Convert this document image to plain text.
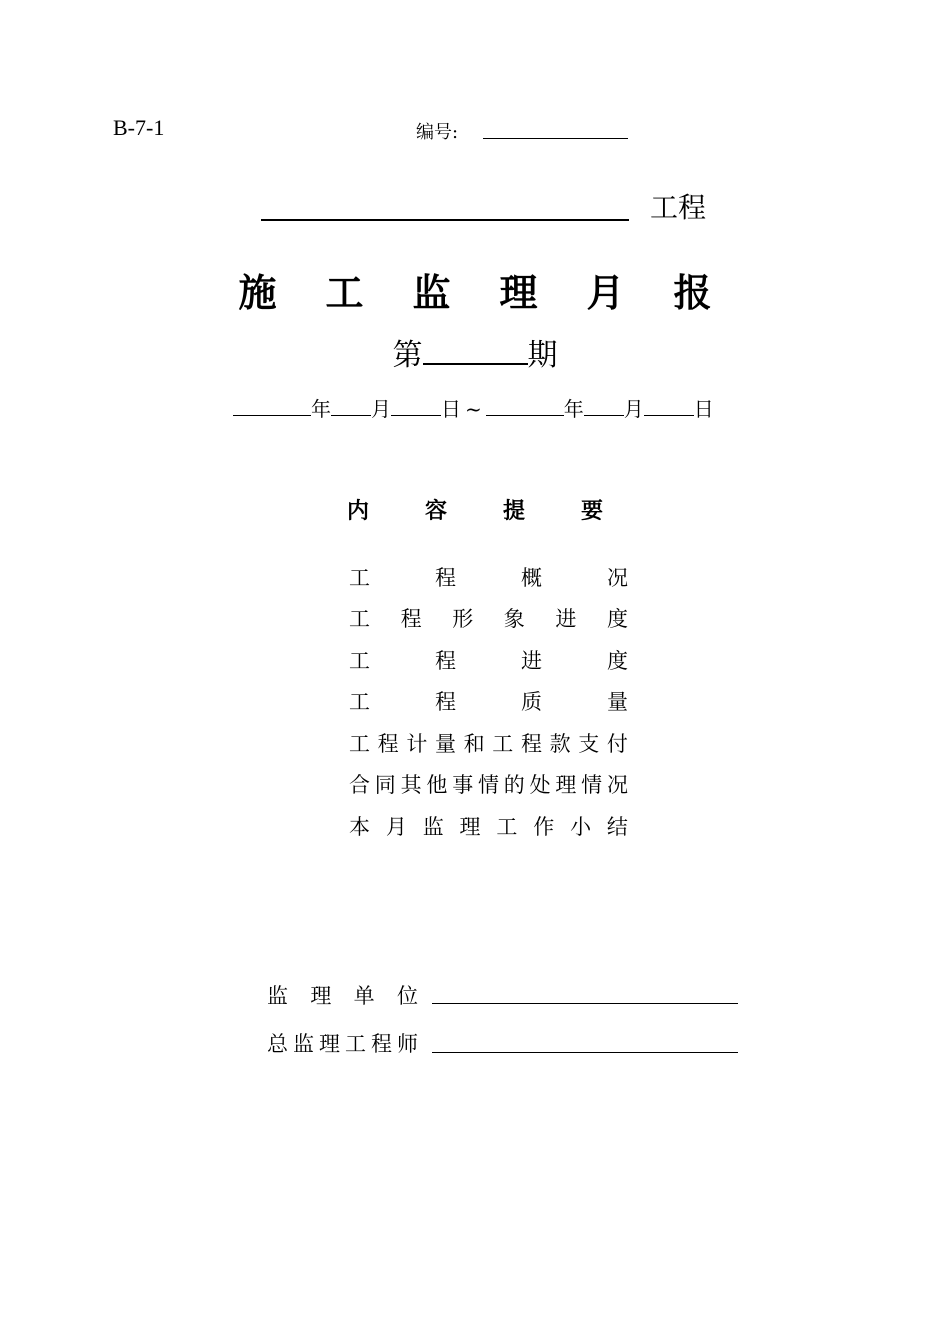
B-7-1	编号:
工程
施 工 监 理 月 报
第	期
年 月	日 ~	年 月	日
内	容	提	要
工	程	概	况
工 程 形 象 进 度
工	程	进	度
工	程	质	量
工 程 计 量 和 工 程 款 支 付
合 同 其 他 事 情 的 处 理 情 况
本 月 监 理 工 作 小 结
监 理 单 位
总 监 理 工 程 师
